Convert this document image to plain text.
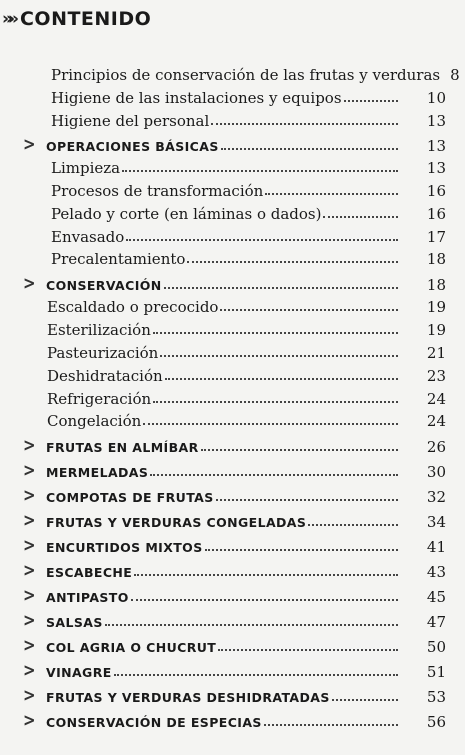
»» CONTENIDO
Principios de conservación de las frutas y verduras 8
Higiene de las instalaciones y equipos	10
Higiene del personal	13
> OPERACIONES BÁSICAS	13
Limpieza	13
Procesos de transformación	16
Pelado y corte (en láminas o dados)	16
Envasado	17
Precalentamiento	18
> CONSERVACIÓN	18
Escaldado o precocido	19
Esterilización	19
Pasteurización	21
Deshidratación	23
Refrigeración	24
Congelación	24
> FRUTAS EN ALMÍBAR	26
> MERMELADAS	30
> COMPOTAS DE FRUTAS	32
> FRUTAS Y VERDURAS CONGELADAS	34
> ENCURTIDOS MIXTOS	41
> ESCABECHE	43
> ANTIPASTO	45
> SALSAS	47
> COL AGRIA O CHUCRUT	50
> VINAGRE	51
> FRUTAS Y VERDURAS DESHIDRATADAS	53
> CONSERVACIÓN DE ESPECIAS	56
